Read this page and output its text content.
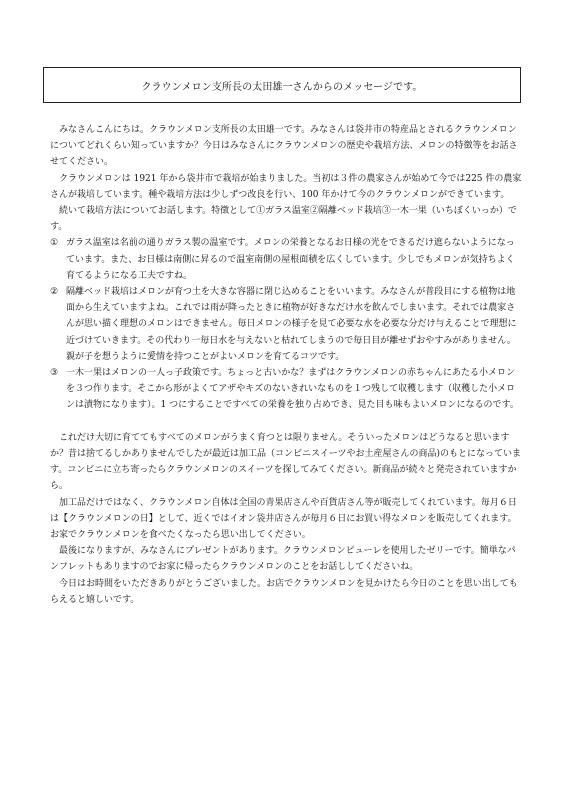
クラウンメロン支所長の太田雄一さんからのメッセージです。

みなさんこんにちは。クラウンメロン支所長の太田雄一です。みなさんは袋井市の特産品とされるクラウンメロンについてどれくらい知っていますか？今日はみなさんにクラウンメロンの歴史や栽培方法、メロンの特徴等をお話させてください。

クラウンメロンは 1921 年から袋井市で栽培が始まりました。当初は３件の農家さんが始めて今では225 件の農家さんが栽培しています。種や栽培方法は少しずつ改良を行い、100 年かけて今のクラウンメロンができています。

続いて栽培方法についてお話します。特徴として①ガラス温室②隔離ベッド栽培③一木一果（いちぼくいっか）です。

① ガラス温室は名前の通りガラス製の温室です。メロンの栄養となるお日様の光をできるだけ遮らないようになっています。また、お日様は南側に昇るので温室南側の屋根面積を広くしています。少しでもメロンが気持ちよく育てるようになる工夫ですね。
② 隔離ベッド栽培はメロンが育つ土を大きな容器に閉じ込めることをいいます。みなさんが普段目にする植物は地面から生えていますよね。これでは雨が降ったときに植物が好きなだけ水を飲んでしまいます。それでは農家さんが思い描く理想のメロンはできません。毎日メロンの様子を見て必要な水を必要な分だけ与えることで理想に近づけていきます。その代わり一毎日水を与えないと枯れてしまうので毎日目が離せずおやすみがありません。親が子を想うように愛情を持つことがよいメロンを育てるコツです。
③ 一木一果はメロンの一人っ子政策です。ちょっと古いかな？まずはクラウンメロンの赤ちゃんにあたる小メロンを３つ作ります。そこから形がよくてアザやキズのないきれいなものを１つ残して収穫します（収穫した小メロンは漬物になります）。1 つにすることですべての栄養を独り占めでき、見た目も味もよいメロンになるのです。

これだけ大切に育ててもすべてのメロンがうまく育つとは限りません。そういったメロンはどうなると思いますか？昔は捨てるしかありませんでしたが最近は加工品（コンビニスイーツやお土産屋さんの商品)のもとになっています。コンビニに立ち寄ったらクラウンメロンのスイーツを探してみてください。新商品が続々と発売されていますから。

加工品だけではなく、クラウンメロン自体は全国の青果店さんや百貨店さん等が販売してくれています。毎月６日は【クラウンメロンの日】として、近くではイオン袋井店さんが毎月６日にお買い得なメロンを販売してくれます。お家でクラウンメロンを食べたくなったら思い出してください。

最後になりますが、みなさんにプレゼントがあります。クラウンメロンピューレを使用したゼリーです。簡単なパンフレットもありますのでお家に帰ったらクラウンメロンのことをお話ししてくださいね。

今日はお時間をいただきありがとうございました。お店でクラウンメロンを見かけたら今日のことを思い出してもらえると嬉しいです。
